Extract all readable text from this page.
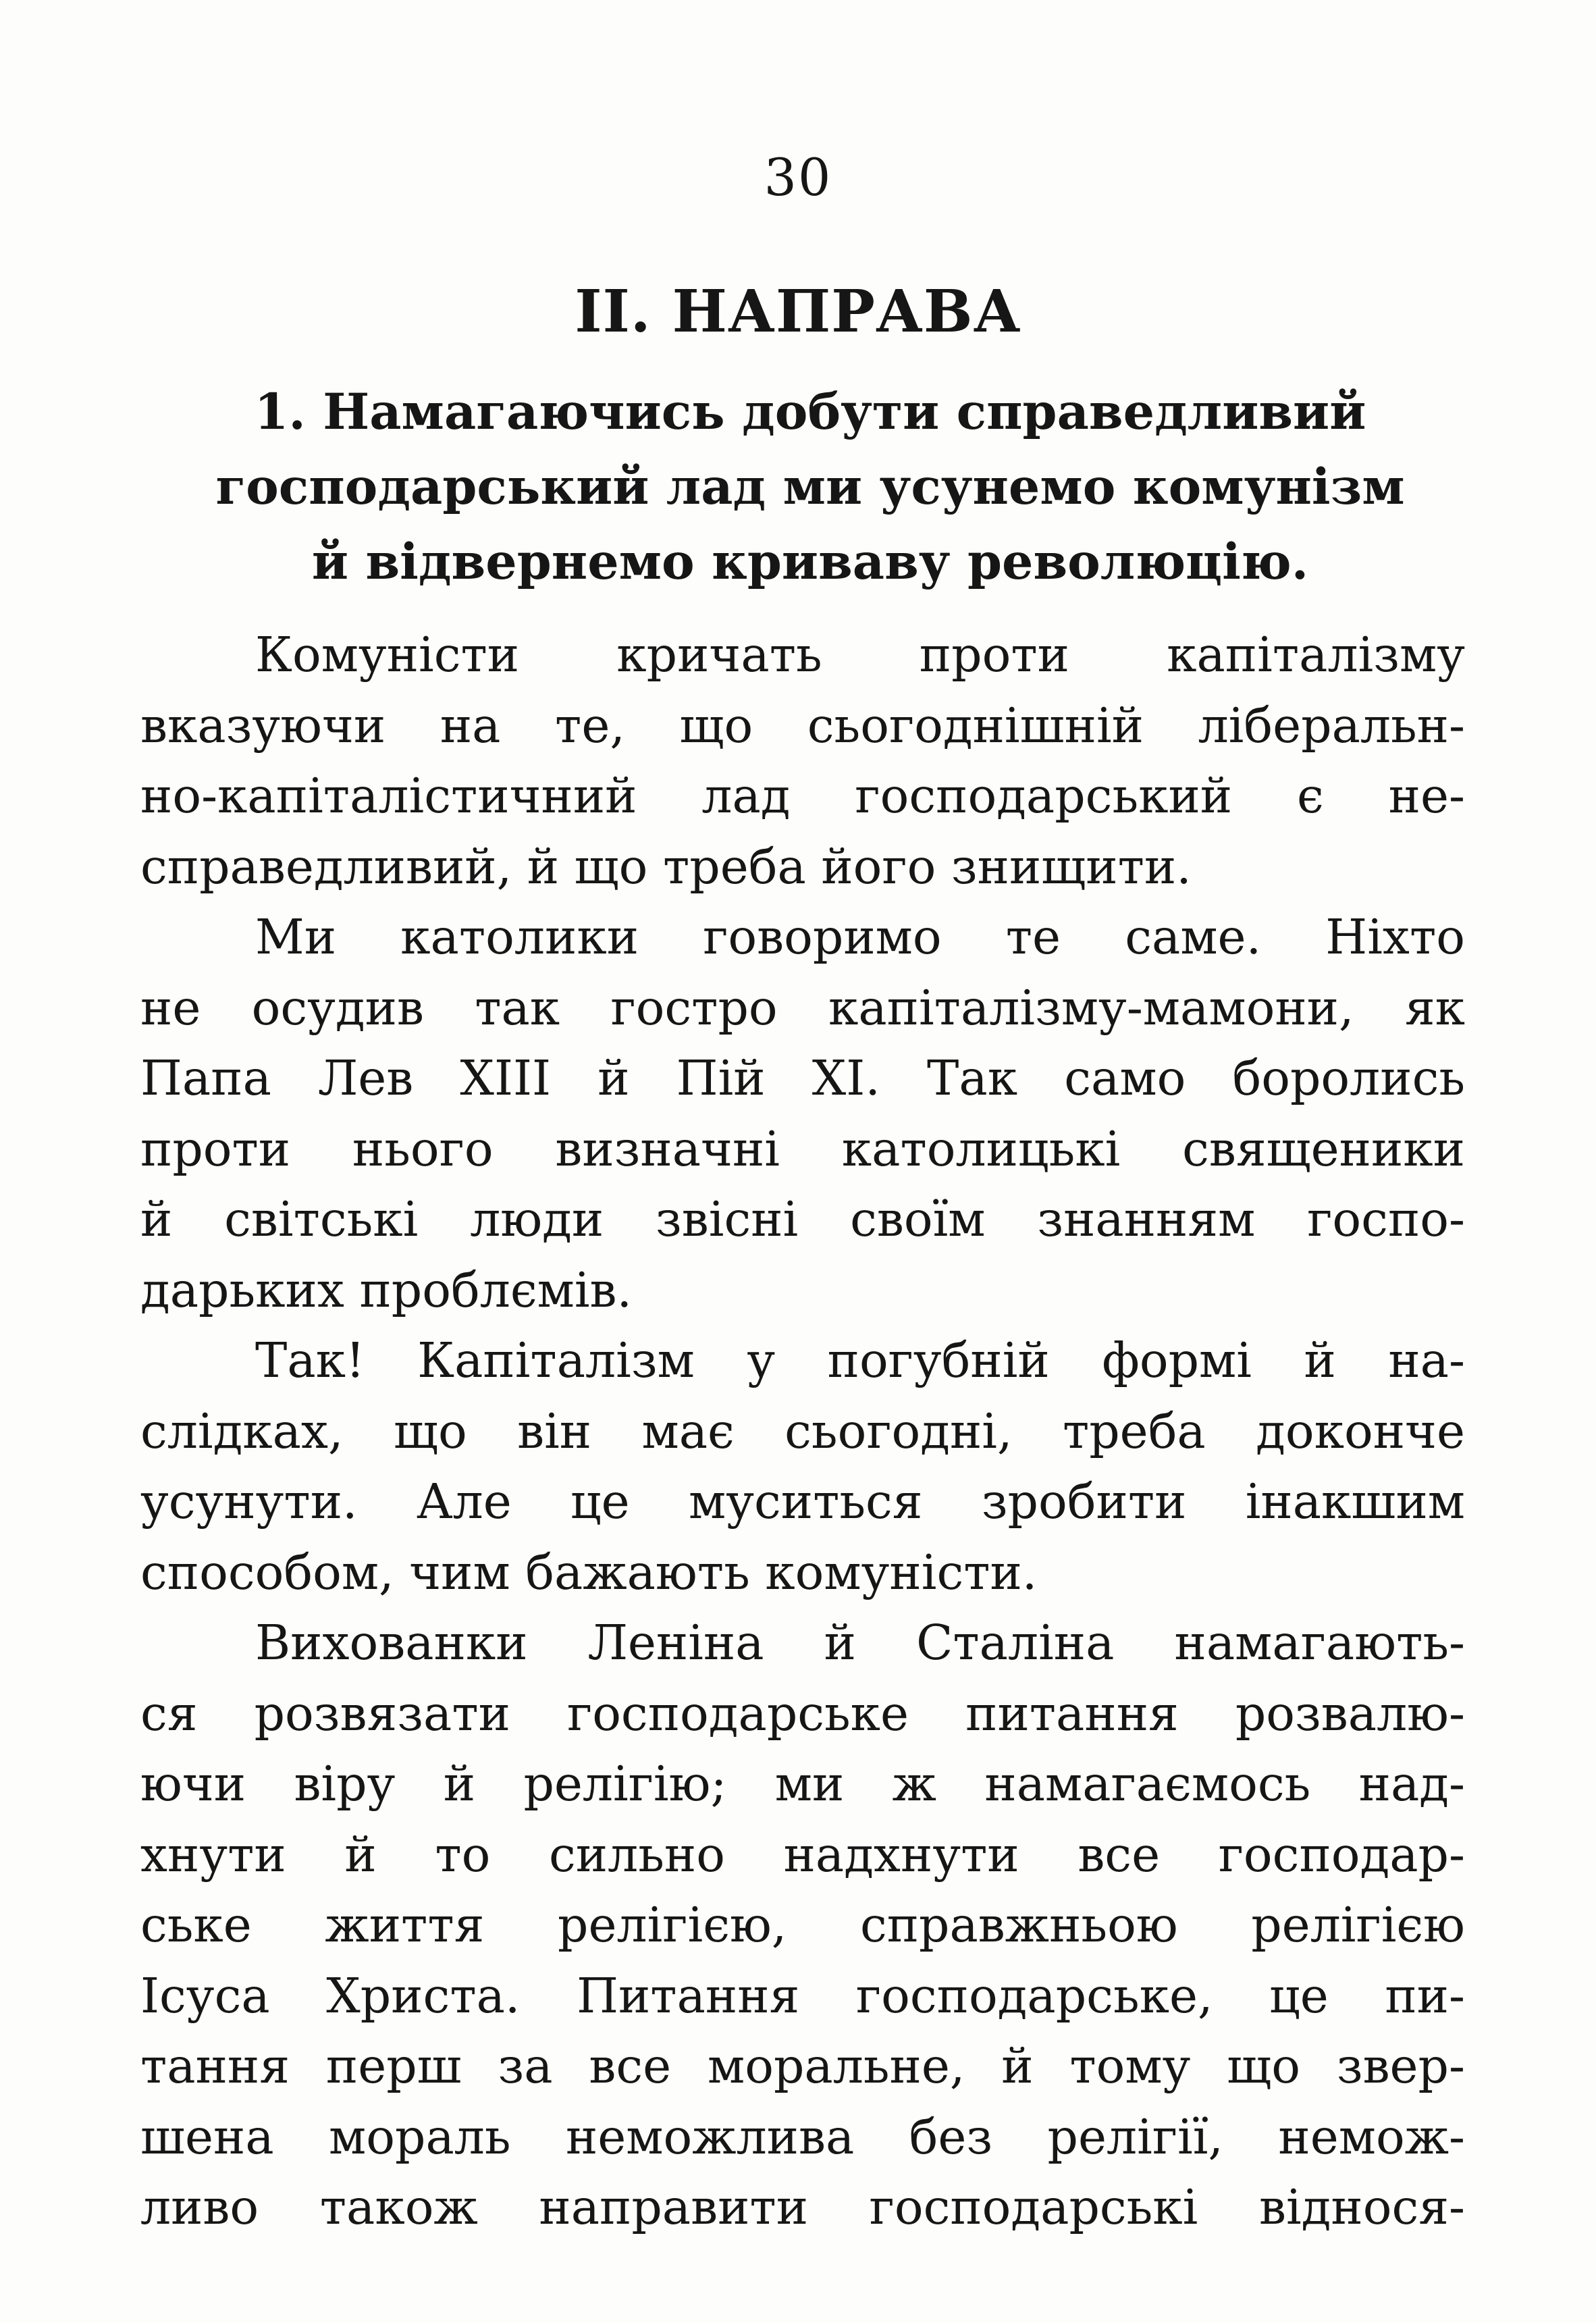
30
II. НАПРАВА
1. Намагаючись добути справедливий
господарський лад ми усунемо комунізм
й відвернемо криваву революцію.
Комуністи кричать проти капіталізму
вказуючи на те, що сьогоднішній ліберальн-
но-капіталістичний лад господарський є не-
справедливий, й що треба його знищити.
Ми католики говоримо те саме. Ніхто
не осудив так гостро капіталізму-мамони, як
Папа Лев XIII й Пій XI. Так само боролись
проти нього визначні католицькі священики
й світські люди звісні своїм знанням госпо-
дарьких проблємів.
Так! Капіталізм у погубній формі й на-
слідках, що він має сьогодні, треба доконче
усунути. Але це муситься зробити інакшим
способом, чим бажають комуністи.
Вихованки Леніна й Сталіна намагають-
ся розвязати господарське питання розвалю-
ючи віру й релігію; ми ж намагаємось над-
хнути й то сильно надхнути все господар-
ське життя релігією, справжньою релігією
Ісуса Христа. Питання господарське, це пи-
тання перш за все моральне, й тому що звер-
шена мораль неможлива без релігії, немож-
ливо також направити господарські віднося-
